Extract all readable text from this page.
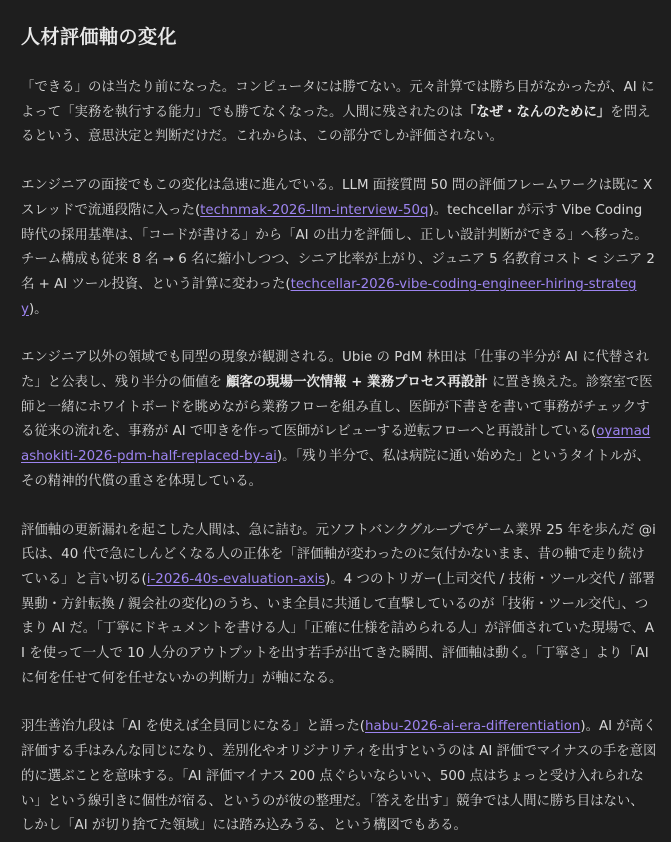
人材評価軸の変化

「できる」のは当たり前になった。コンピュータには勝てない。元々計算では勝ち目がなかったが、AI によって「実務を執行する能力」でも勝てなくなった。人間に残されたのは「なぜ・なんのために」を問えるという、意思決定と判断だけだ。これからは、この部分でしか評価されない。

エンジニアの面接でもこの変化は急速に進んでいる。LLM 面接質問 50 問の評価フレームワークは既に X スレッドで流通段階に入った(technmak-2026-llm-interview-50q)。techcellar が示す Vibe Coding 時代の採用基準は、「コードが書ける」から「AI の出力を評価し、正しい設計判断ができる」へ移った。チーム構成も従来 8 名 → 6 名に縮小しつつ、シニア比率が上がり、ジュニア 5 名教育コスト < シニア 2 名 + AI ツール投資、という計算に変わった(techcellar-2026-vibe-coding-engineer-hiring-strategy)。

エンジニア以外の領域でも同型の現象が観測される。Ubie の PdM 林田は「仕事の半分が AI に代替された」と公表し、残り半分の価値を 顧客の現場一次情報 + 業務プロセス再設計 に置き換えた。診察室で医師と一緒にホワイトボードを眺めながら業務フローを組み直し、医師が下書きを書いて事務がチェックする従来の流れを、事務が AI で叩きを作って医師がレビューする逆転フローへと再設計している(oyamadashokiti-2026-pdm-half-replaced-by-ai)。「残り半分で、私は病院に通い始めた」というタイトルが、その精神的代償の重さを体現している。

評価軸の更新漏れを起こした人間は、急に詰む。元ソフトバンクグループでゲーム業界 25 年を歩んだ @i 氏は、40 代で急にしんどくなる人の正体を「評価軸が変わったのに気付かないまま、昔の軸で走り続けている」と言い切る(i-2026-40s-evaluation-axis)。4 つのトリガー(上司交代 / 技術・ツール交代 / 部署異動・方針転換 / 親会社の変化)のうち、いま全員に共通して直撃しているのが「技術・ツール交代」、つまり AI だ。「丁寧にドキュメントを書ける人」「正確に仕様を詰められる人」が評価されていた現場で、AI を使って一人で 10 人分のアウトプットを出す若手が出てきた瞬間、評価軸は動く。「丁寧さ」より「AI に何を任せて何を任せないかの判断力」が軸になる。

羽生善治九段は「AI を使えば全員同じになる」と語った(habu-2026-ai-era-differentiation)。AI が高く評価する手はみんな同じになり、差別化やオリジナリティを出すというのは AI 評価でマイナスの手を意図的に選ぶことを意味する。「AI 評価マイナス 200 点ぐらいならいい、500 点はちょっと受け入れられない」という線引きに個性が宿る、というのが彼の整理だ。「答えを出す」競争では人間に勝ち目はない、しかし「AI が切り捨てた領域」には踏み込みうる、という構図でもある。
